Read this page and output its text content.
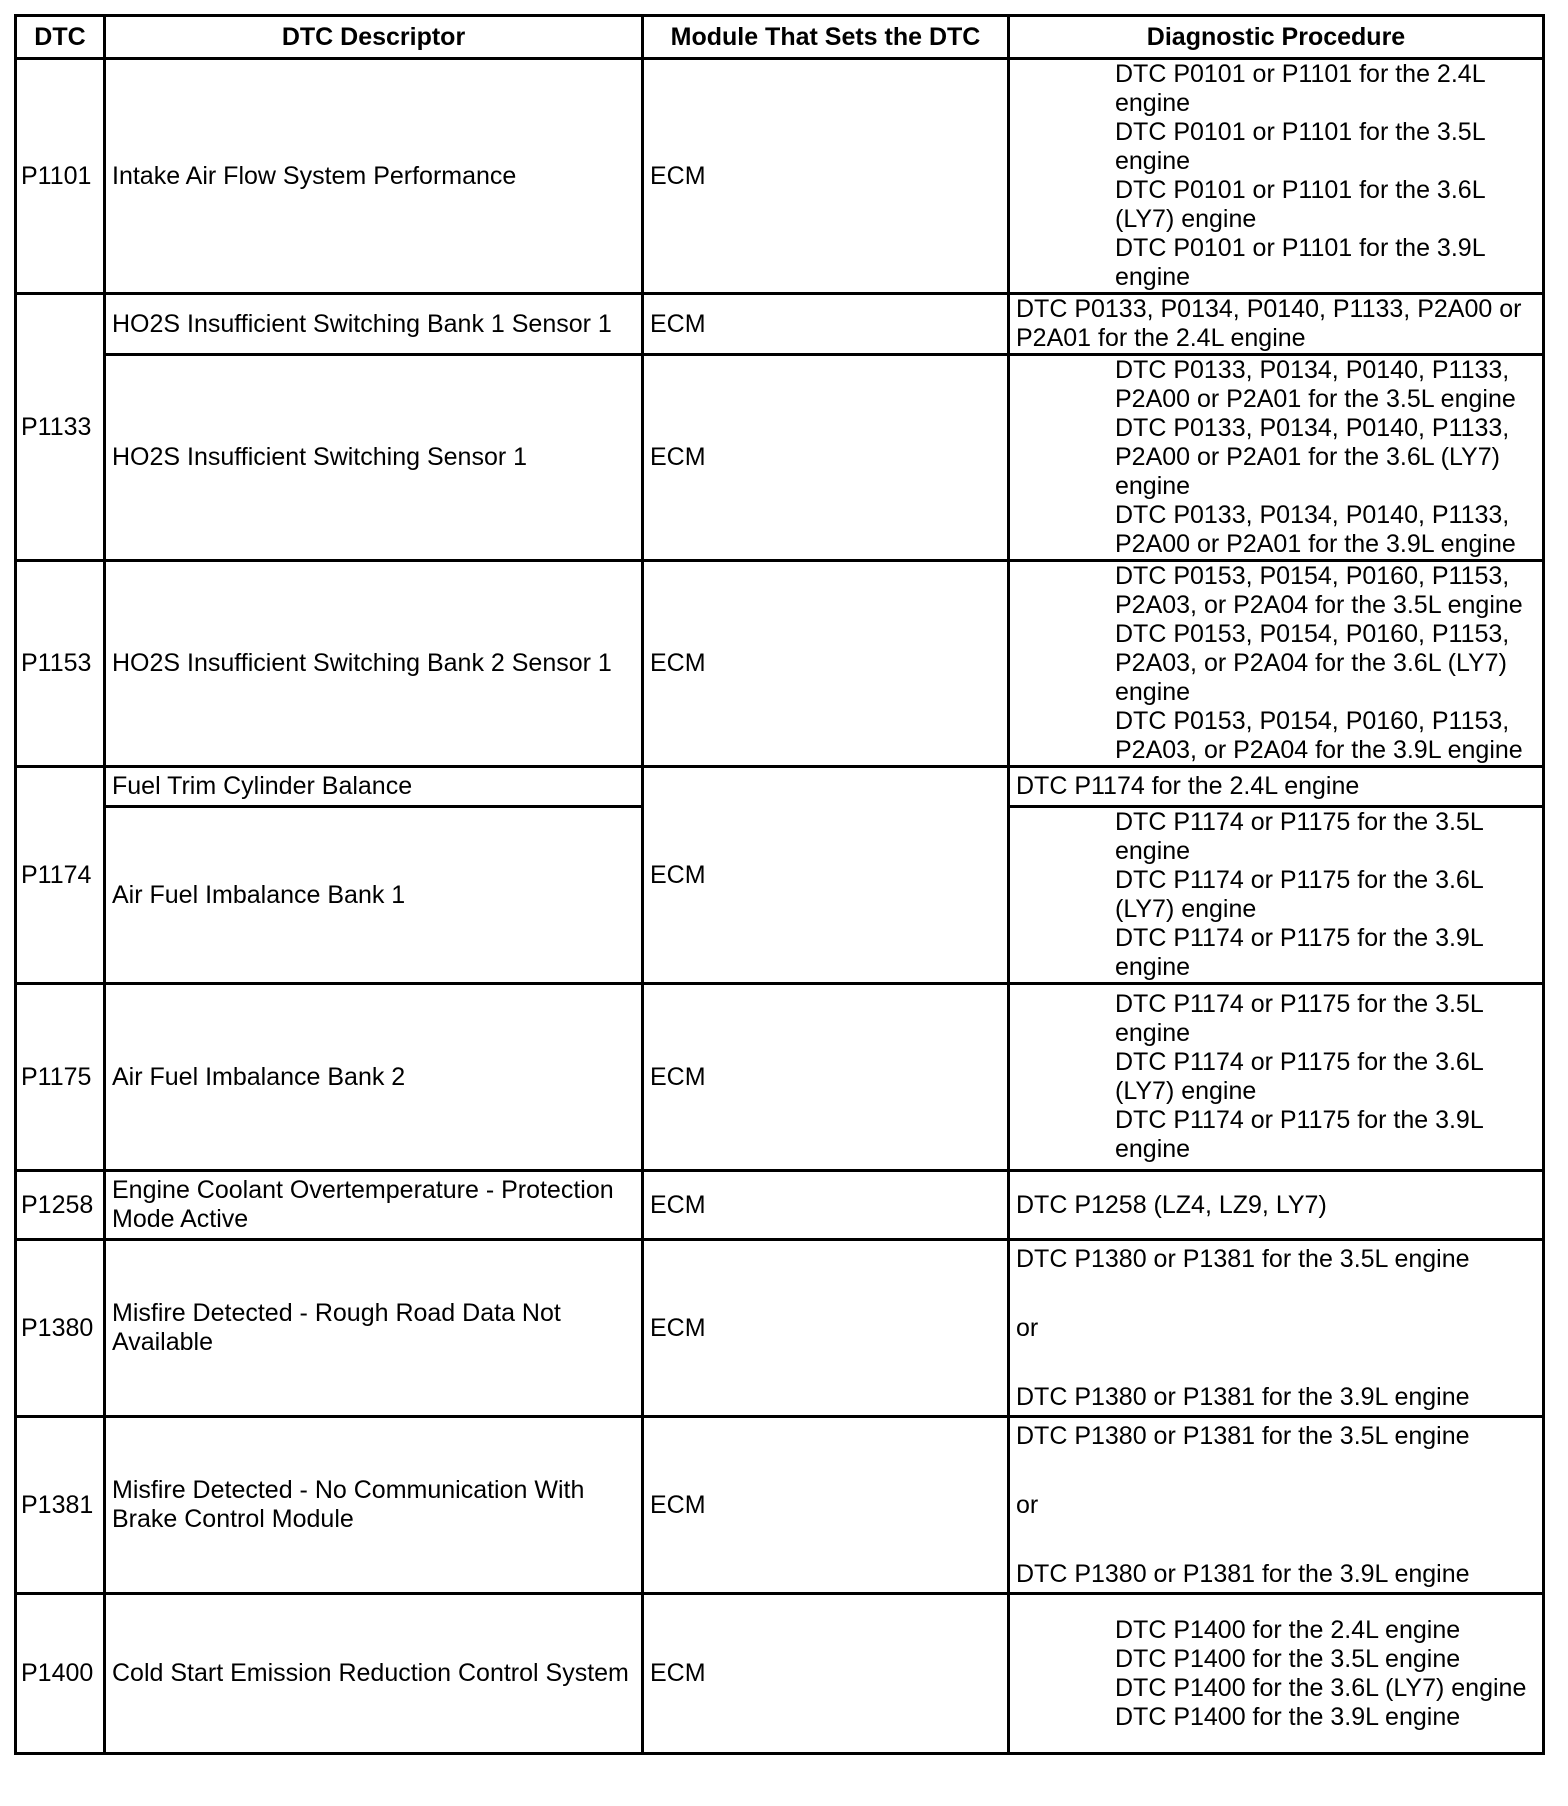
DTC	DTC Descriptor	Module That Sets the DTC	Diagnostic Procedure
P1101	Intake Air Flow System Performance	ECM	DTC P0101 or P1101 for the 2.4L engine
DTC P0101 or P1101 for the 3.5L engine
DTC P0101 or P1101 for the 3.6L (LY7) engine
DTC P0101 or P1101 for the 3.9L engine

P1133	HO2S Insufficient Switching Bank 1 Sensor 1	ECM	DTC P0133, P0134, P0140, P1133, P2A00 or P2A01 for the 2.4L engine

	HO2S Insufficient Switching Sensor 1	ECM	DTC P0133, P0134, P0140, P1133, P2A00 or P2A01 for the 3.5L engine
DTC P0133, P0134, P0140, P1133, P2A00 or P2A01 for the 3.6L (LY7) engine
DTC P0133, P0134, P0140, P1133, P2A00 or P2A01 for the 3.9L engine

P1153	HO2S Insufficient Switching Bank 2 Sensor 1	ECM	DTC P0153, P0154, P0160, P1153, P2A03, or P2A04 for the 3.5L engine
DTC P0153, P0154, P0160, P1153, P2A03, or P2A04 for the 3.6L (LY7) engine
DTC P0153, P0154, P0160, P1153, P2A03, or P2A04 for the 3.9L engine

P1174	Fuel Trim Cylinder Balance	ECM	DTC P1174 for the 2.4L engine

	Air Fuel Imbalance Bank 1		DTC P1174 or P1175 for the 3.5L engine
DTC P1174 or P1175 for the 3.6L (LY7) engine
DTC P1174 or P1175 for the 3.9L engine

P1175	Air Fuel Imbalance Bank 2	ECM	DTC P1174 or P1175 for the 3.5L engine
DTC P1174 or P1175 for the 3.6L (LY7) engine
DTC P1174 or P1175 for the 3.9L engine

P1258	Engine Coolant Overtemperature - Protection Mode Active	ECM	DTC P1258 (LZ4, LZ9, LY7)

P1380	Misfire Detected - Rough Road Data Not Available	ECM	DTC P1380 or P1381 for the 3.5L engine
or
DTC P1380 or P1381 for the 3.9L engine

P1381	Misfire Detected - No Communication With Brake Control Module	ECM	DTC P1380 or P1381 for the 3.5L engine
or
DTC P1380 or P1381 for the 3.9L engine

P1400	Cold Start Emission Reduction Control System	ECM	DTC P1400 for the 2.4L engine
DTC P1400 for the 3.5L engine
DTC P1400 for the 3.6L (LY7) engine
DTC P1400 for the 3.9L engine
